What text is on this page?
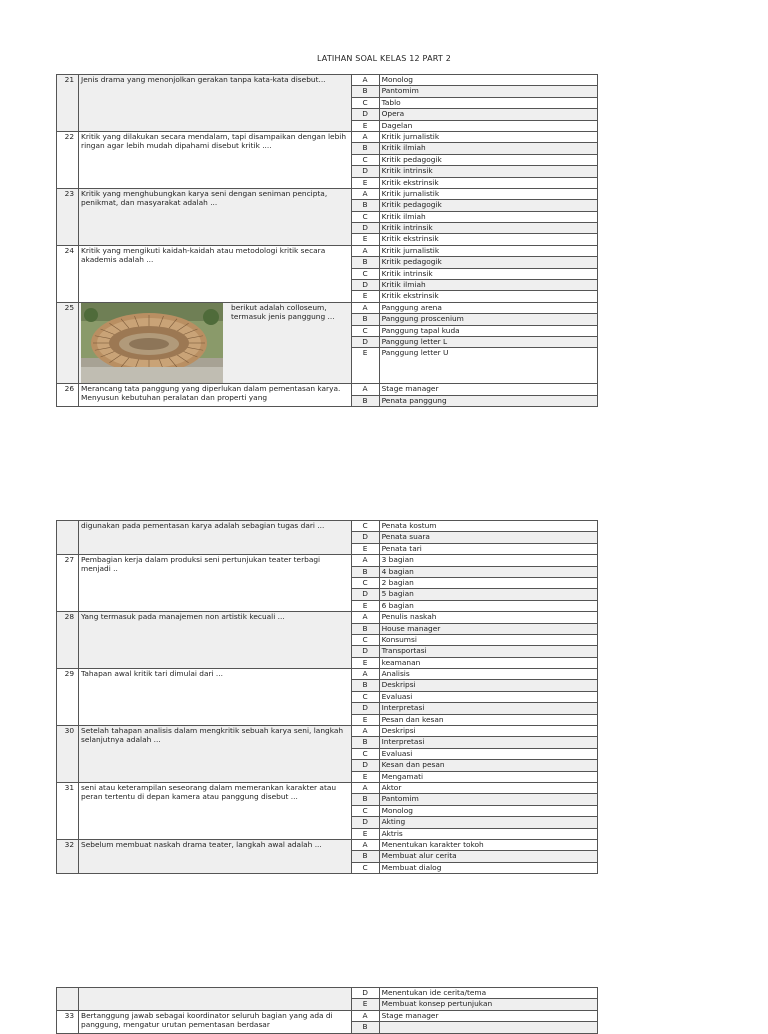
LATIHAN SOAL KELAS 12 PART 2
21	Jenis drama yang menonjolkan gerakan tanpa kata-kata disebut...	A	Monolog
		B	Pantomim
		C	Tablo
		D	Opera
		E	Dagelan
22	Kritik yang dilakukan secara mendalam, tapi disampaikan dengan lebih ringan agar lebih mudah dipahami disebut kritik ....	A	Kritik jurnalistik
		B	Kritik ilmiah
		C	Kritik pedagogik
		D	Kritik intrinsik
		E	Kritik ekstrinsik
23	Kritik yang menghubungkan karya seni dengan seniman pencipta, penikmat, dan masyarakat adalah ...	A	Kritik jurnalistik
		B	Kritik pedagogik
		C	Kritik ilmiah
		D	Kritik intrinsik
		E	Kritik ekstrinsik
24	Kritik yang mengikuti kaidah-kaidah atau metodologi kritik secara akademis adalah ...	A	Kritik jurnalistik
		B	Kritik pedagogik
		C	Kritik intrinsik
		D	Kritik ilmiah
		E	Kritik ekstrinsik
25	berikut adalah colloseum, termasuk jenis panggung ...	A	Panggung arena
		B	Panggung proscenium
		C	Panggung tapal kuda
		D	Panggung letter L
		E	Panggung letter U
26	Merancang tata panggung yang diperlukan dalam pementasan karya. Menyusun kebutuhan peralatan dan properti yang	A	Stage manager
		B	Penata panggung
	digunakan pada pementasan karya adalah sebagian tugas dari ...	C	Penata kostum
		D	Penata suara
		E	Penata tari
27	Pembagian kerja dalam produksi seni pertunjukan teater terbagi menjadi ..	A	3 bagian
		B	4 bagian
		C	2 bagian
		D	5 bagian
		E	6 bagian
28	Yang termasuk pada manajemen non artistik kecuali ...	A	Penulis naskah
		B	House manager
		C	Konsumsi
		D	Transportasi
		E	keamanan
29	Tahapan awal kritik tari dimulai dari ...	A	Analisis
		B	Deskripsi
		C	Evaluasi
		D	Interpretasi
		E	Pesan dan kesan
30	Setelah tahapan analisis dalam mengkritik sebuah karya seni, langkah selanjutnya adalah ...	A	Deskripsi
		B	Interpretasi
		C	Evaluasi
		D	Kesan dan pesan
		E	Mengamati
31	seni atau keterampilan seseorang dalam memerankan karakter atau peran tertentu di depan kamera atau panggung disebut ...	A	Aktor
		B	Pantomim
		C	Monolog
		D	Akting
		E	Aktris
32	Sebelum membuat naskah drama teater, langkah awal adalah ...	A	Menentukan karakter tokoh
		B	Membuat alur cerita
		C	Membuat dialog
		D	Menentukan ide cerita/tema
		E	Membuat konsep pertunjukan
33	Bertanggung jawab sebagai koordinator seluruh bagian yang ada di panggung, mengatur urutan pementasan berdasar	A	Stage manager
		B	
